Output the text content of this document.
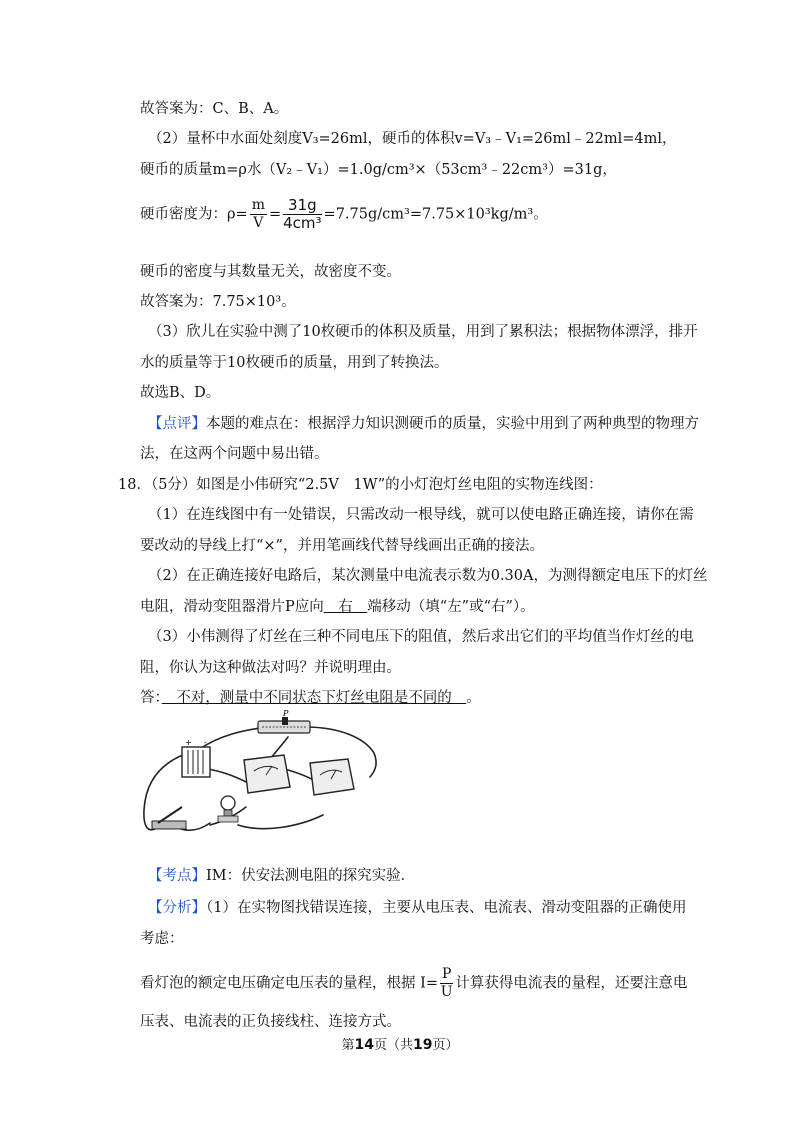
故答案为：C、B、A。
（2）量杯中水面处刻度V₃=26ml，硬币的体积v=V₃﹣V₁=26ml﹣22ml=4ml，
硬币的质量m=ρ水（V₂﹣V₁）=1.0g/cm³×（53cm³﹣22cm³）=31g，
硬币密度为：$\rho= \frac{m}{V} = \frac{31g}{\text{4cm³}} =7.75g/cm^3=7.75\times 10^3kg/m^3$。
硬币的密度与其数量无关，故密度不变。
故答案为：7.75×10³。
（3）欣儿在实验中测了10枚硬币的体积及质量，用到了累积法；根据物体漂浮，排开
水的质量等于10枚硬币的质量，用到了转换法。
故选B、D。
【点评】本题的难点在：根据浮力知识测硬币的质量，实验中用到了两种典型的物理方
法，在这两个问题中易出错。
18．（5分）如图是小伟研究“2.5V　1W”的小灯泡灯丝电阻的实物连线图：
（1）在连线图中有一处错误，只需改动一根导线，就可以使电路正确连接，请你在需
要改动的导线上打“×”，并用笔画线代替导线画出正确的接法。
（2）在正确连接好电路后，某次测量中电流表示数为0.30A，为测得额定电压下的灯丝
电阻，滑动变阻器滑片P应向　右　端移动（填“左”或“右”）。
（3）小伟测得了灯丝在三种不同电压下的阻值，然后求出它们的平均值当作灯丝的电
阻，你认为这种做法对吗？并说明理由。
答：　不对，测量中不同状态下灯丝电阻是不同的　。
+ -
P
【考点】IM：伏安法测电阻的探究实验．
【分析】（1）在实物图找错误连接，主要从电压表、电流表、滑动变阻器的正确使用
考虑：
看灯泡的额定电压确定电压表的量程，根据 $I= \frac{P}{U}$ 计算获得电流表的量程，还要注意电
压表、电流表的正负接线柱、连接方式。
第14页（共19页）
